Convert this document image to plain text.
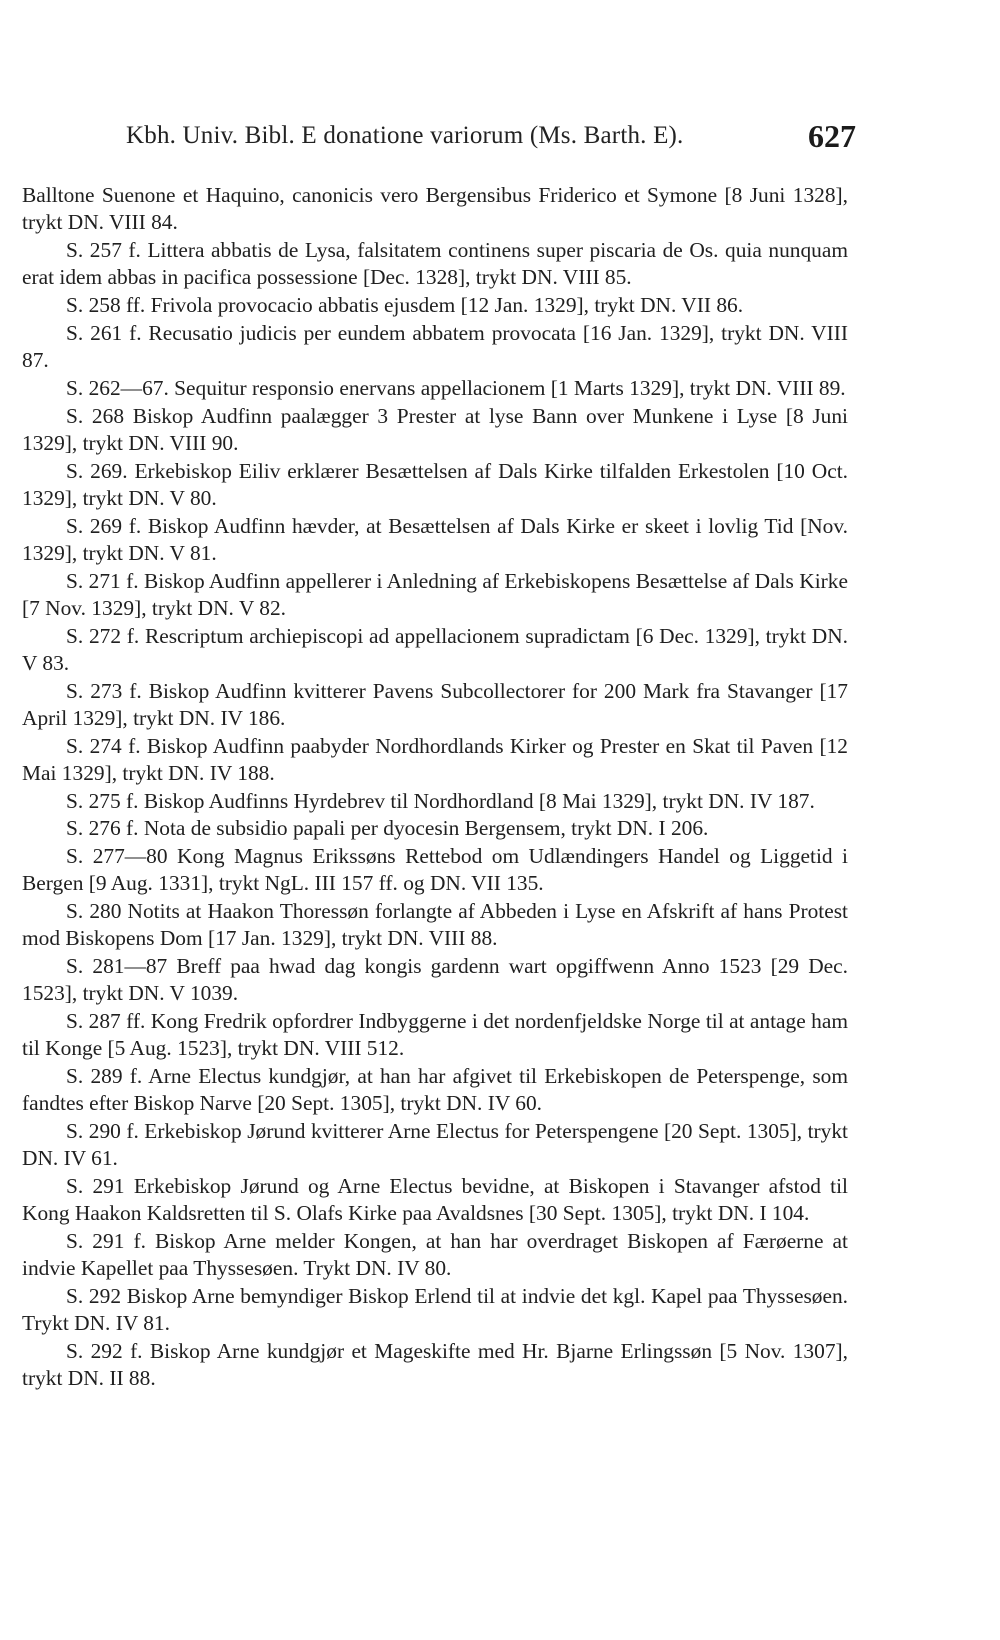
Kbh. Univ. Bibl. E donatione variorum (Ms. Barth. E).	627
Balltone Suenone et Haquino, canonicis vero Bergensibus Friderico et Symone [8 Juni 1328], trykt DN. VIII 84.
S. 257 f. Littera abbatis de Lysa, falsitatem continens super piscaria de Os. quia nunquam erat idem abbas in pacifica possessione [Dec. 1328], trykt DN. VIII 85.
S. 258 ff. Frivola provocacio abbatis ejusdem [12 Jan. 1329], trykt DN. VII 86.
S. 261 f. Recusatio judicis per eundem abbatem provocata [16 Jan. 1329], trykt DN. VIII 87.
S. 262—67. Sequitur responsio enervans appellacionem [1 Marts 1329], trykt DN. VIII 89.
S. 268 Biskop Audfinn paalægger 3 Prester at lyse Bann over Munkene i Lyse [8 Juni 1329], trykt DN. VIII 90.
S. 269. Erkebiskop Eiliv erklærer Besættelsen af Dals Kirke tilfalden Erkestolen [10 Oct. 1329], trykt DN. V 80.
S. 269 f. Biskop Audfinn hævder, at Besættelsen af Dals Kirke er skeet i lovlig Tid [Nov. 1329], trykt DN. V 81.
S. 271 f. Biskop Audfinn appellerer i Anledning af Erkebiskopens Besættelse af Dals Kirke [7 Nov. 1329], trykt DN. V 82.
S. 272 f. Rescriptum archiepiscopi ad appellacionem supradictam [6 Dec. 1329], trykt DN. V 83.
S. 273 f. Biskop Audfinn kvitterer Pavens Subcollectorer for 200 Mark fra Stavanger [17 April 1329], trykt DN. IV 186.
S. 274 f. Biskop Audfinn paabyder Nordhordlands Kirker og Prester en Skat til Paven [12 Mai 1329], trykt DN. IV 188.
S. 275 f. Biskop Audfinns Hyrdebrev til Nordhordland [8 Mai 1329], trykt DN. IV 187.
S. 276 f. Nota de subsidio papali per dyocesin Bergensem, trykt DN. I 206.
S. 277—80 Kong Magnus Erikssøns Rettebod om Udlændingers Handel og Liggetid i Bergen [9 Aug. 1331], trykt NgL. III 157 ff. og DN. VII 135.
S. 280 Notits at Haakon Thoressøn forlangte af Abbeden i Lyse en Afskrift af hans Protest mod Biskopens Dom [17 Jan. 1329], trykt DN. VIII 88.
S. 281—87 Breff paa hwad dag kongis gardenn wart opgiffwenn Anno 1523 [29 Dec. 1523], trykt DN. V 1039.
S. 287 ff. Kong Fredrik opfordrer Indbyggerne i det nordenfjeldske Norge til at antage ham til Konge [5 Aug. 1523], trykt DN. VIII 512.
S. 289 f. Arne Electus kundgjør, at han har afgivet til Erkebiskopen de Peterspenge, som fandtes efter Biskop Narve [20 Sept. 1305], trykt DN. IV 60.
S. 290 f. Erkebiskop Jørund kvitterer Arne Electus for Peterspengene [20 Sept. 1305], trykt DN. IV 61.
S. 291 Erkebiskop Jørund og Arne Electus bevidne, at Biskopen i Stavanger afstod til Kong Haakon Kaldsretten til S. Olafs Kirke paa Avaldsnes [30 Sept. 1305], trykt DN. I 104.
S. 291 f. Biskop Arne melder Kongen, at han har overdraget Biskopen af Færøerne at indvie Kapellet paa Thyssesøen. Trykt DN. IV 80.
S. 292 Biskop Arne bemyndiger Biskop Erlend til at indvie det kgl. Kapel paa Thyssesøen. Trykt DN. IV 81.
S. 292 f. Biskop Arne kundgjør et Mageskifte med Hr. Bjarne Erlingssøn [5 Nov. 1307], trykt DN. II 88.
